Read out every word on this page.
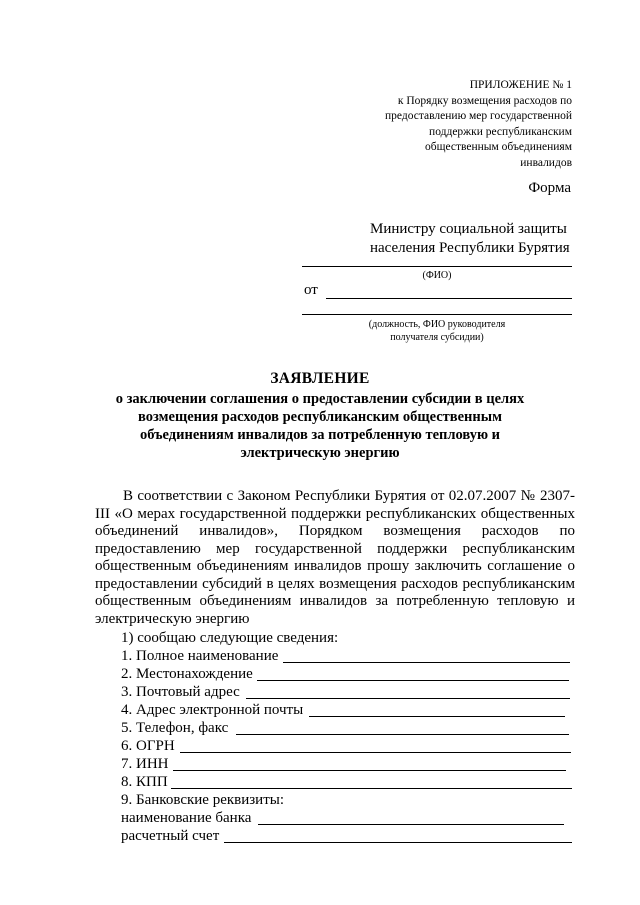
ПРИЛОЖЕНИЕ № 1
к Порядку возмещения расходов по
предоставлению мер государственной
поддержки республиканским
общественным объединениям
инвалидов
Форма
Министру социальной защиты
населения Республики Бурятия
(ФИО)
от
(должность, ФИО руководителя
получателя субсидии)
ЗАЯВЛЕНИЕ
о заключении соглашения о предоставлении субсидии в целях
возмещения расходов республиканским общественным
объединениям инвалидов за потребленную тепловую и
электрическую энергию
В соответствии с Законом Республики Бурятия от 02.07.2007 № 2307-III «О мерах государственной поддержки республиканских общественных объединений инвалидов», Порядком возмещения расходов по предоставлению мер государственной поддержки республиканским общественным объединениям инвалидов прошу заключить соглашение о предоставлении субсидий в целях возмещения расходов республиканским общественным объединениям инвалидов за потребленную тепловую и электрическую энергию
1) сообщаю следующие сведения:
1. Полное наименование
2. Местонахождение
3. Почтовый адрес
4. Адрес электронной почты
5. Телефон, факс
6. ОГРН
7. ИНН
8. КПП
9. Банковские реквизиты:
наименование банка
расчетный счет
